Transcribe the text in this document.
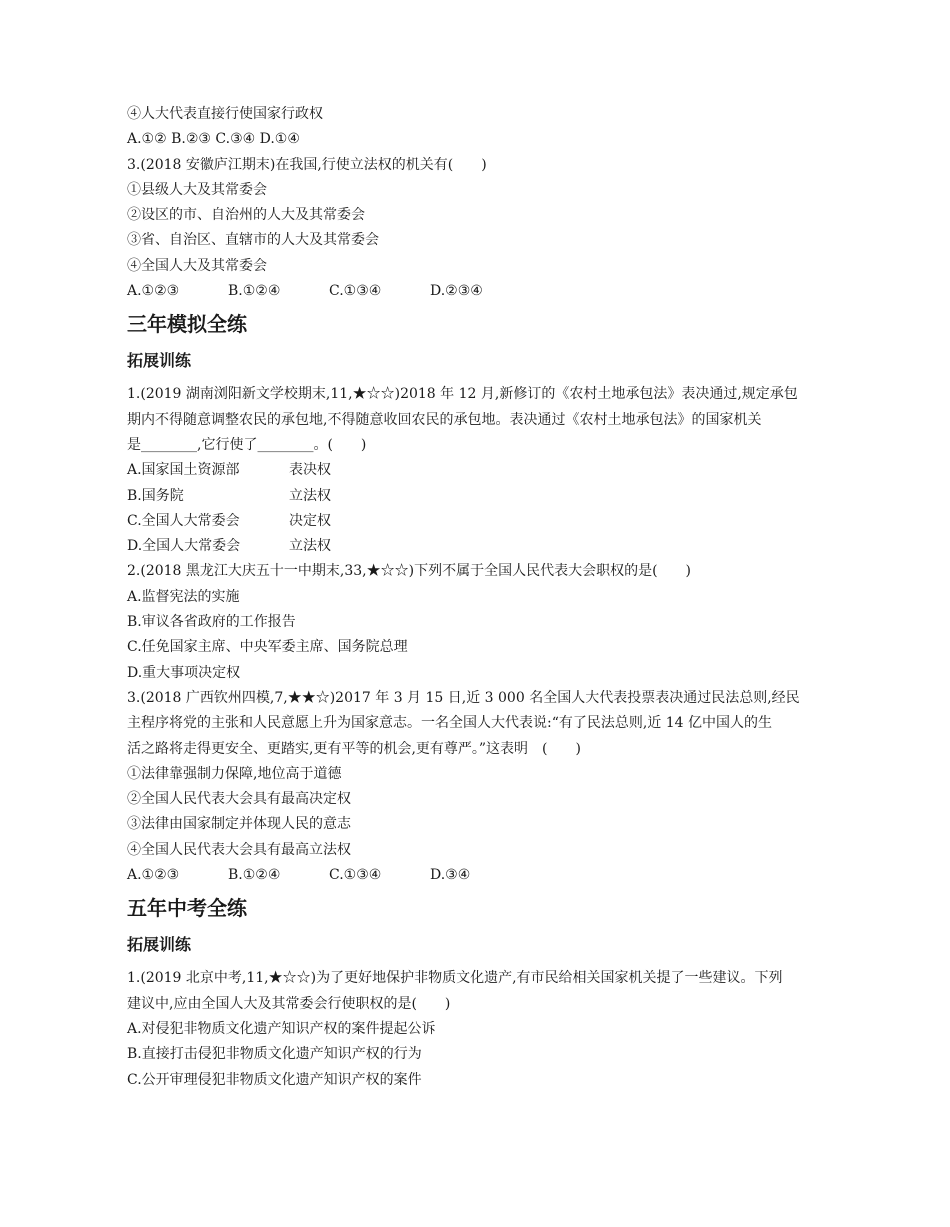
④人大代表直接行使国家行政权
A.①② B.②③ C.③④ D.①④
3.(2018 安徽庐江期末)在我国,行使立法权的机关有(　　)
①县级人大及其常委会
②设区的市、自治州的人大及其常委会
③省、自治区、直辖市的人大及其常委会
④全国人大及其常委会
A.①②③	B.①②④	C.①③④	D.②③④
三年模拟全练
拓展训练
1.(2019 湖南浏阳新文学校期末,11,★☆☆)2018 年 12 月,新修订的《农村土地承包法》表决通过,规定承包
期内不得随意调整农民的承包地,不得随意收回农民的承包地。表决通过《农村土地承包法》的国家机关
是________,它行使了________。(　　)
A.国家国土资源部	表决权
B.国务院	立法权
C.全国人大常委会	决定权
D.全国人大常委会	立法权
2.(2018 黑龙江大庆五十一中期末,33,★☆☆)下列不属于全国人民代表大会职权的是(　　)
A.监督宪法的实施
B.审议各省政府的工作报告
C.任免国家主席、中央军委主席、国务院总理
D.重大事项决定权
3.(2018 广西钦州四模,7,★★☆)2017 年 3 月 15 日,近 3 000 名全国人大代表投票表决通过民法总则,经民
主程序将党的主张和人民意愿上升为国家意志。一名全国人大代表说:“有了民法总则,近 14 亿中国人的生
活之路将走得更安全、更踏实,更有平等的机会,更有尊严。”这表明　(　　)
①法律靠强制力保障,地位高于道德
②全国人民代表大会具有最高决定权
③法律由国家制定并体现人民的意志
④全国人民代表大会具有最高立法权
A.①②③	B.①②④	C.①③④	D.③④
五年中考全练
拓展训练
1.(2019 北京中考,11,★☆☆)为了更好地保护非物质文化遗产,有市民给相关国家机关提了一些建议。下列
建议中,应由全国人大及其常委会行使职权的是(　　)
A.对侵犯非物质文化遗产知识产权的案件提起公诉
B.直接打击侵犯非物质文化遗产知识产权的行为
C.公开审理侵犯非物质文化遗产知识产权的案件
